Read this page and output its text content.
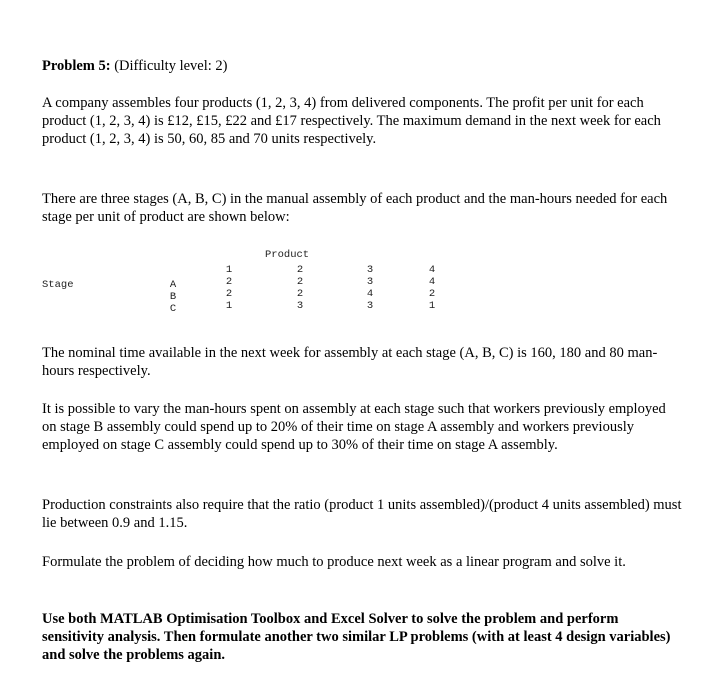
Problem 5: (Difficulty level: 2)

A company assembles four products (1, 2, 3, 4) from delivered components. The profit per unit for each product (1, 2, 3, 4) is £12, £15, £22 and £17 respectively. The maximum demand in the next week for each product (1, 2, 3, 4) is 50, 60, 85 and 70 units respectively.

There are three stages (A, B, C) in the manual assembly of each product and the man-hours needed for each stage per unit of product are shown below:

Product
Stage	A
B
C
1
2
2
1
2
2
2
3
3
3
4
3
4
4
2
1

The nominal time available in the next week for assembly at each stage (A, B, C) is 160, 180 and 80 man-hours respectively.

It is possible to vary the man-hours spent on assembly at each stage such that workers previously employed on stage B assembly could spend up to 20% of their time on stage A assembly and workers previously employed on stage C assembly could spend up to 30% of their time on stage A assembly.

Production constraints also require that the ratio (product 1 units assembled)/(product 4 units assembled) must lie between 0.9 and 1.15.

Formulate the problem of deciding how much to produce next week as a linear program and solve it.

Use both MATLAB Optimisation Toolbox and Excel Solver to solve the problem and perform sensitivity analysis. Then formulate another two similar LP problems (with at least 4 design variables) and solve the problems again.
